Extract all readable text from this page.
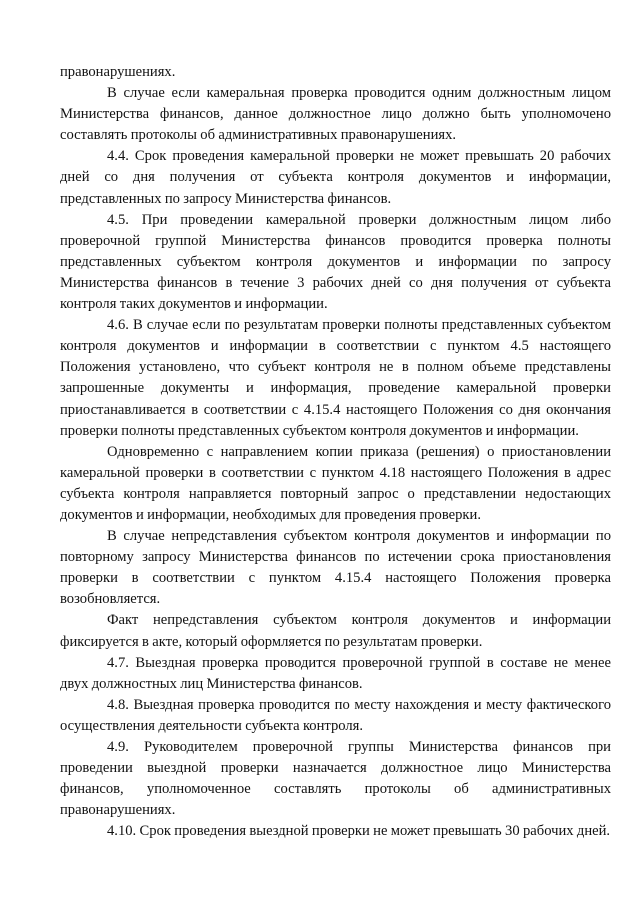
правонарушениях.

В случае если камеральная проверка проводится одним должностным лицом Министерства финансов, данное должностное лицо должно быть уполномочено составлять протоколы об административных правонарушениях.

4.4. Срок проведения камеральной проверки не может превышать 20 рабочих дней со дня получения от субъекта контроля документов и информации, представленных по запросу Министерства финансов.

4.5. При проведении камеральной проверки должностным лицом либо проверочной группой Министерства финансов проводится проверка полноты представленных субъектом контроля документов и информации по запросу Министерства финансов в течение 3 рабочих дней со дня получения от субъекта контроля таких документов и информации.

4.6. В случае если по результатам проверки полноты представленных субъектом контроля документов и информации в соответствии с пунктом 4.5 настоящего Положения установлено, что субъект контроля не в полном объеме представлены запрошенные документы и информация, проведение камеральной проверки приостанавливается в соответствии с 4.15.4 настоящего Положения со дня окончания проверки полноты представленных субъектом контроля документов и информации.

Одновременно с направлением копии приказа (решения) о приостановлении камеральной проверки в соответствии с пунктом 4.18 настоящего Положения в адрес субъекта контроля направляется повторный запрос о представлении недостающих документов и информации, необходимых для проведения проверки.

В случае непредставления субъектом контроля документов и информации по повторному запросу Министерства финансов по истечении срока приостановления проверки в соответствии с пунктом 4.15.4 настоящего Положения проверка возобновляется.

Факт непредставления субъектом контроля документов и информации фиксируется в акте, который оформляется по результатам проверки.

4.7. Выездная проверка проводится проверочной группой в составе не менее двух должностных лиц Министерства финансов.

4.8. Выездная проверка проводится по месту нахождения и месту фактического осуществления деятельности субъекта контроля.

4.9. Руководителем проверочной группы Министерства финансов при проведении выездной проверки назначается должностное лицо Министерства финансов, уполномоченное составлять протоколы об административных правонарушениях.

4.10. Срок проведения выездной проверки не может превышать 30 рабочих дней.
